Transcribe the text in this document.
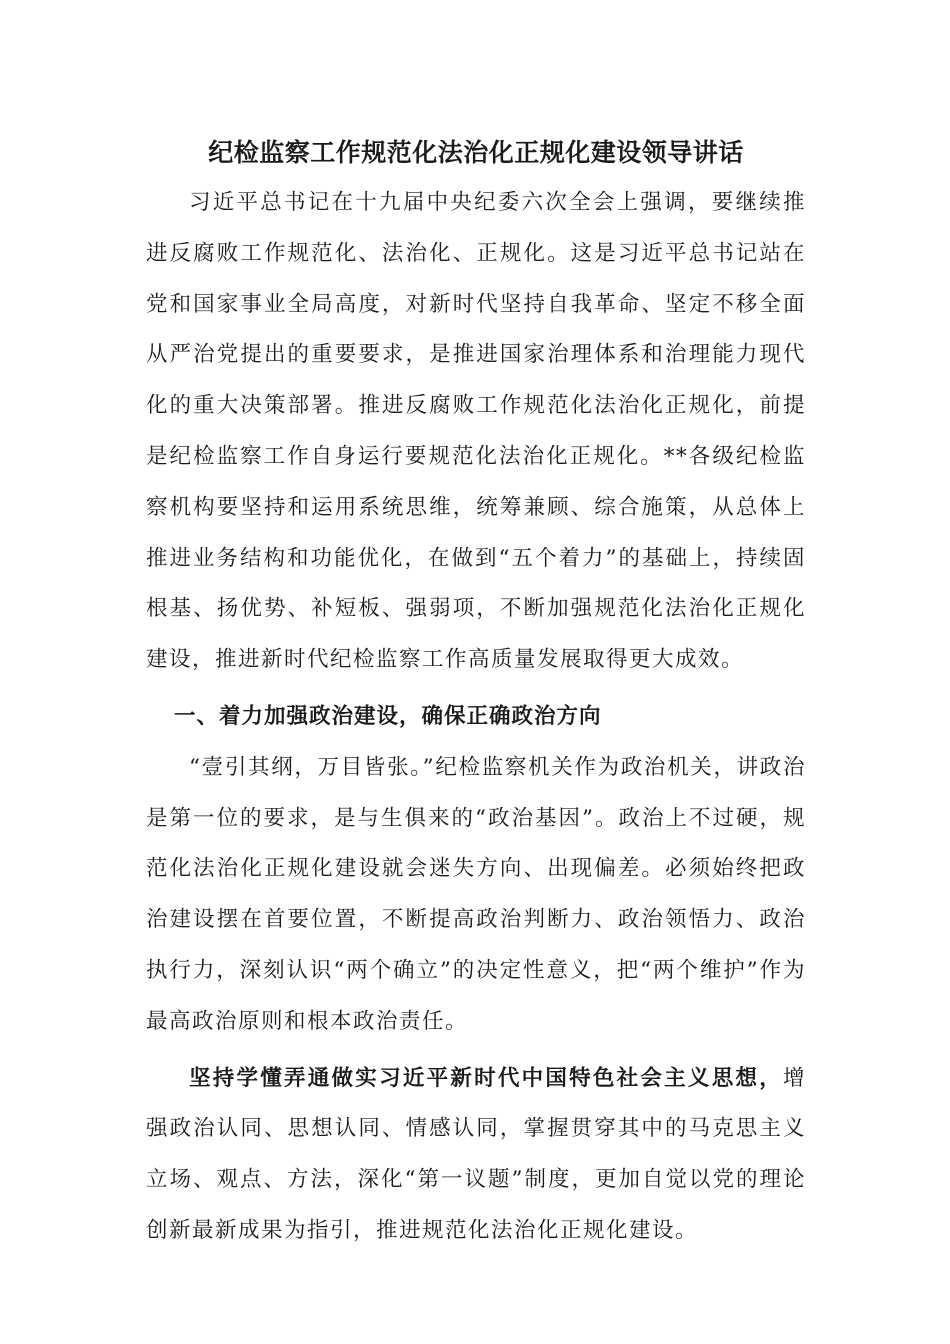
纪检监察工作规范化法治化正规化建设领导讲话

习近平总书记在十九届中央纪委六次全会上强调，要继续推进反腐败工作规范化、法治化、正规化。这是习近平总书记站在党和国家事业全局高度，对新时代坚持自我革命、坚定不移全面从严治党提出的重要要求，是推进国家治理体系和治理能力现代化的重大决策部署。推进反腐败工作规范化法治化正规化，前提是纪检监察工作自身运行要规范化法治化正规化。**各级纪检监察机构要坚持和运用系统思维，统筹兼顾、综合施策，从总体上推进业务结构和功能优化，在做到“五个着力”的基础上，持续固根基、扬优势、补短板、强弱项，不断加强规范化法治化正规化建设，推进新时代纪检监察工作高质量发展取得更大成效。

一、着力加强政治建设，确保正确政治方向

“壹引其纲，万目皆张。”纪检监察机关作为政治机关，讲政治是第一位的要求，是与生俱来的“政治基因”。政治上不过硬，规范化法治化正规化建设就会迷失方向、出现偏差。必须始终把政治建设摆在首要位置，不断提高政治判断力、政治领悟力、政治执行力，深刻认识“两个确立”的决定性意义，把“两个维护”作为最高政治原则和根本政治责任。

坚持学懂弄通做实习近平新时代中国特色社会主义思想，增强政治认同、思想认同、情感认同，掌握贯穿其中的马克思主义立场、观点、方法，深化“第一议题”制度，更加自觉以党的理论创新最新成果为指引，推进规范化法治化正规化建设。
